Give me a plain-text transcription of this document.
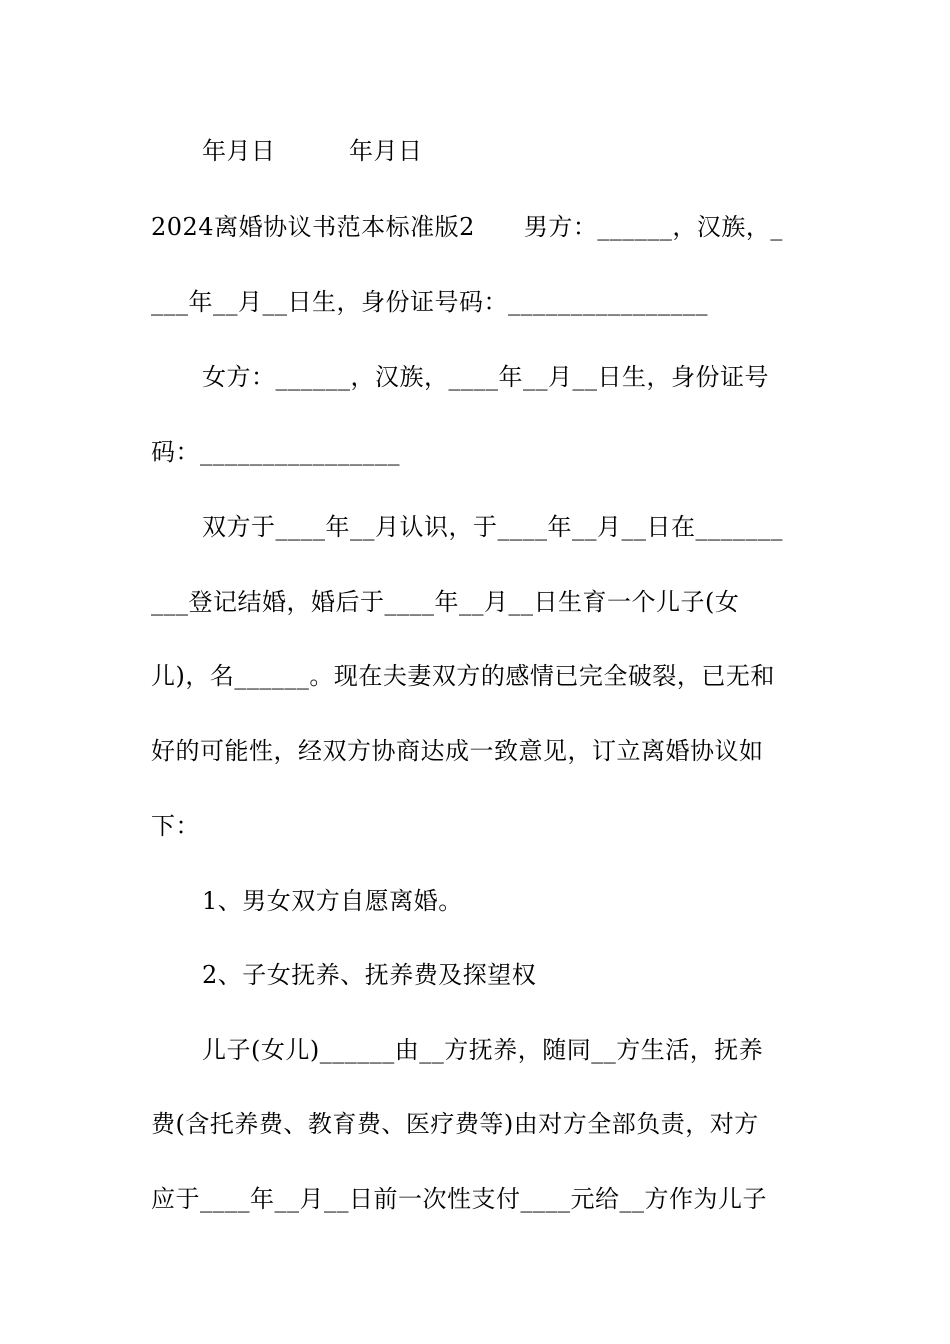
年月日　　　年月日
2024离婚协议书范本标准版2　　男方：______，汉族，_
___年__月__日生，身份证号码：________________
女方：______，汉族，____年__月__日生，身份证号
码：________________
双方于____年__月认识，于____年__月__日在_______
___登记结婚，婚后于____年__月__日生育一个儿子(女
儿)，名______。现在夫妻双方的感情已完全破裂，已无和
好的可能性，经双方协商达成一致意见，订立离婚协议如
下：
1、男女双方自愿离婚。
2、子女抚养、抚养费及探望权
儿子(女儿)______由__方抚养，随同__方生活，抚养
费(含托养费、教育费、医疗费等)由对方全部负责，对方
应于____年__月__日前一次性支付____元给__方作为儿子
